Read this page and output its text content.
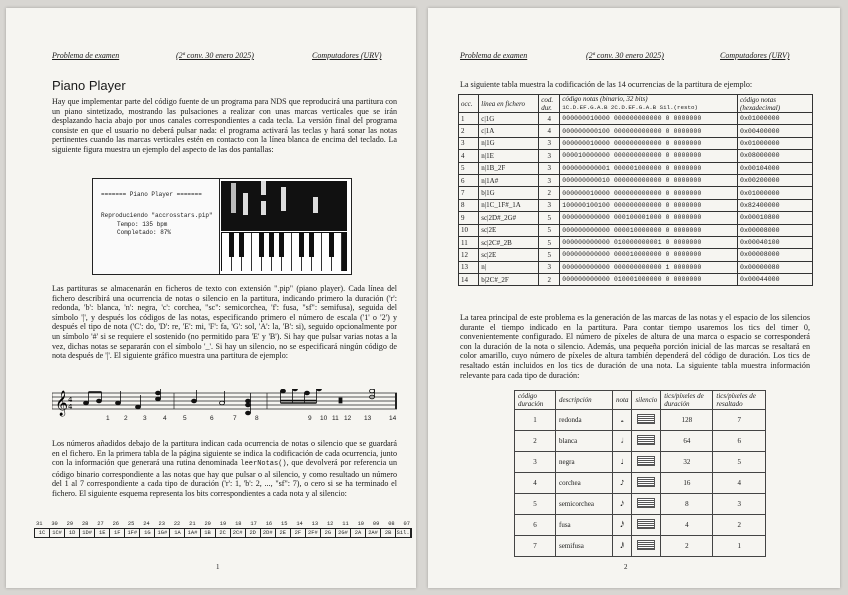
Problema de examen	(2ª conv. 30 enero 2025)	Computadores (URV)
Piano Player
Hay que implementar parte del código fuente de un programa para NDS que reproducirá una partitura con un piano sintetizado, mostrando las pulsaciones a realizar con unas marcas verticales que se irán desplazando hacia abajo por unos canales correspondientes a cada tecla. La versión final del programa consiste en que el usuario no deberá pulsar nada: el programa activará las teclas y hará sonar las notas pertinentes cuando las marcas verticales estén en contacto con la línea blanca de encima del teclado. La siguiente figura muestra un ejemplo del aspecto de las dos pantallas:
======= Piano Player =======
Reproduciendo "accrosstars.pip"
Tempo: 135 bpm
Completado: 87%
Las partituras se almacenarán en ficheros de texto con extensión ".pip" (piano player). Cada línea del fichero describirá una ocurrencia de notas o silencio en la partitura, indicando primero la duración ('r': redonda, 'b': blanca, 'n': negra, 'c': corchea, "sc": semicorchea, 'f': fusa, "sf": semifusa), seguida del símbolo '|', y después los códigos de las notas, especificando primero el número de escala ('1' o '2') y después el tipo de nota ('C': do, 'D': re, 'E': mi, 'F': fa, 'G': sol, 'A': la, 'B': si), seguido opcionalmente por un símbolo '#' si se requiere el sostenido (no permitido para 'E' y 'B'). Si hay que pulsar varias notas a la vez, dichas notas se separarán con el símbolo '_'. Si hay un silencio, no se especificará ningún código de nota después de '|'. El siguiente gráfico muestra una partitura de ejemplo:
𝄞 4
4
1 2 3	4	5	6	7	8	9 10 11 12 13	14
Los números añadidos debajo de la partitura indican cada ocurrencia de notas o silencio que se guardará en el fichero. En la primera tabla de la página siguiente se indica la codificación de cada ocurrencia, junto con la información que generará una rutina denominada leerNotas(), que devolverá por referencia un código binario correspondiente a las notas que hay que pulsar o al silencio, y como resultado un número del 1 al 7 correspondiente a cada tipo de duración ('r': 1, 'b': 2, ..., "sf": 7), o cero si se ha terminado el fichero. El siguiente esquema representa los bits correspondientes a cada nota y al silencio:
31 30 29 28 27 26 25 24 23 22 21 20 19 18 17 16 15 14 13 12 11 10 09 08 07
1C	1C#	1D	1D#	1E	1F	1F#	1G	1G#	1A	1A#	1B	2C	2C#	2D	2D#	2E	2F	2F#	2G	2G#	2A	2A#	2B Sil.
1
Problema de examen	(2ª conv. 30 enero 2025)	Computadores (URV)
La siguiente tabla muestra la codificación de las 14 ocurrencias de la partitura de ejemplo:
occ.	línea en fichero	cod. dur.	código notas (binario, 32 bits)
1C.D.EF.G.A.B 2C.D.EF.G.A.B Sil.(resto)	código notas (hexadecimal)
1	c|1G	4	000000010000 000000000000 0 0000000	0x01000000
2	c|1A	4	000000000100 000000000000 0 0000000	0x00400000
3	n|1G	3	000000010000 000000000000 0 0000000	0x01000000
4	n|1E	3	000010000000 000000000000 0 0000000	0x08000000
5	n|1B_2F	3	000000000001 000001000000 0 0000000	0x00104000
6	n|1A#	3	000000000010 000000000000 0 0000000	0x00200000
7	b|1G	2	000000010000 000000000000 0 0000000	0x01000000
8	n|1C_1F#_1A	3	100000100100 000000000000 0 0000000	0x82400000
9	sc|2D#_2G#	5	000000000000 000100001000 0 0000000	0x00010800
10	sc|2E	5	000000000000 000010000000 0 0000000	0x00008000
11	sc|2C#_2B	5	000000000000 010000000001 0 0000000	0x00040100
12	sc|2E	5	000000000000 000010000000 0 0000000	0x00008000
13	n|	3	000000000000 000000000000 1 0000000	0x00000080
14	b|2C#_2F	2	000000000000 010001000000 0 0000000	0x00044000
La tarea principal de este problema es la generación de las marcas de las notas y el espacio de los silencios durante el tiempo indicado en la partitura. Para contar tiempo usaremos los tics del timer 0, convenientemente configurado. El número de píxeles de altura de una marca o espacio se corresponderá con la duración de la nota o silencio. Además, una pequeña porción inicial de las marcas se resaltará en color amarillo, cuyo número de píxeles de altura también dependerá del código de duración. Los tics de resaltado están incluidos en los tics de duración de una nota. La siguiente tabla muestra información relevante para cada tipo de duración:
código duración	descripción	nota	silencio	tics/píxeles de duración	tics/píxeles de resaltado
1	redonda	𝅝		128	7
2	blanca	𝅗𝅥		64	6
3	negra	♩		32	5
4	corchea	♪		16	4
5	semicorchea	𝅘𝅥𝅯		8	3
6	fusa	𝅘𝅥𝅰		4	2
7	semifusa	𝅘𝅥𝅱		2	1
2
